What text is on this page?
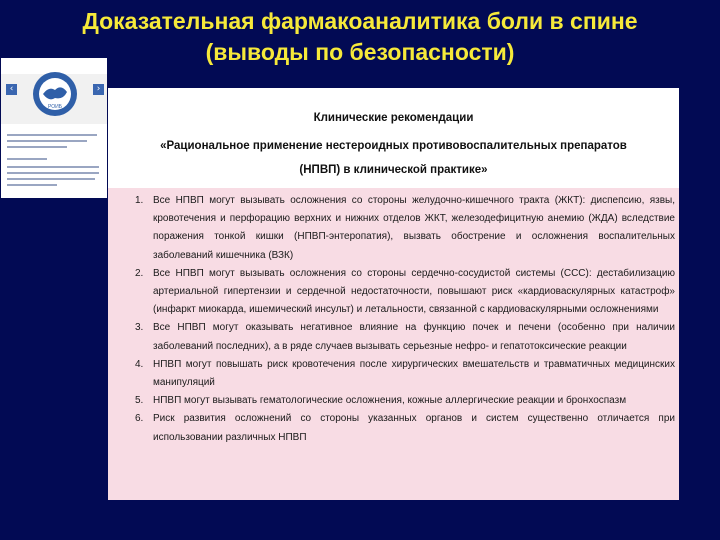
Доказательная фармакоаналитика боли в спине
(выводы по безопасности)
‹	›
РОИБ
Клинические рекомендации
«Рациональное применение нестероидных противовоспалительных препаратов
(НПВП) в клинической практике»
1. Все НПВП могут вызывать осложнения со стороны желудочно-кишечного тракта (ЖКТ): диспепсию, язвы, кровотечения и перфорацию верхних и нижних отделов ЖКТ, железодефицитную анемию (ЖДА) вследствие поражения тонкой кишки (НПВП-энтеропатия), вызвать обострение и осложнения воспалительных заболеваний кишечника (ВЗК)
2. Все НПВП могут вызывать осложнения со стороны сердечно-сосудистой системы (ССС): дестабилизацию артериальной гипертензии и сердечной недостаточности, повышают риск «кардиоваскулярных катастроф» (инфаркт миокарда, ишемический инсульт) и летальности, связанной с кардиоваскулярными осложнениями
3. Все НПВП могут оказывать негативное влияние на функцию почек и печени (особенно при наличии заболеваний последних), а в ряде случаев вызывать серьезные нефро- и гепатотоксические реакции
4. НПВП могут повышать риск кровотечения после хирургических вмешательств и травматичных медицинских манипуляций
5. НПВП могут вызывать гематологические осложнения, кожные аллергические реакции и бронхоспазм
6. Риск развития осложнений со стороны указанных органов и систем существенно отличается при использовании различных НПВП
